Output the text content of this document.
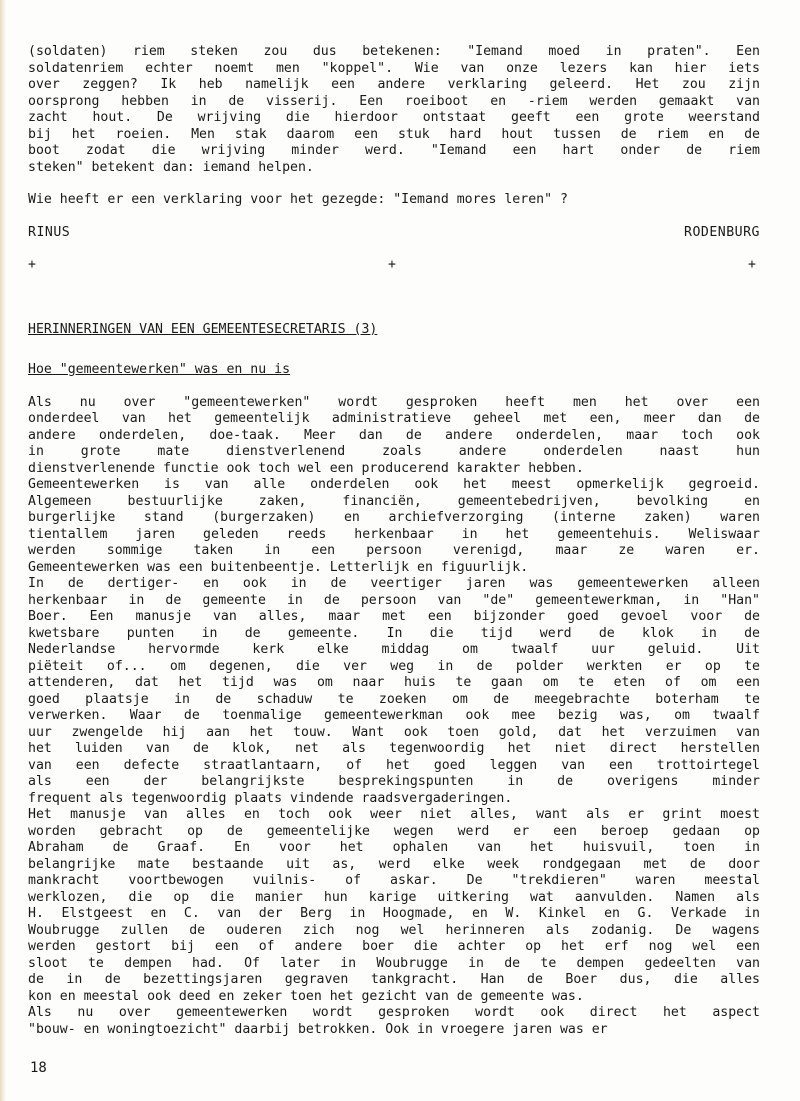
(soldaten) riem steken zou dus betekenen: "Iemand moed in praten". Een

soldatenriem echter noemt men "koppel". Wie van onze lezers kan hier iets

over zeggen? Ik heb namelijk een andere verklaring geleerd. Het zou zijn

oorsprong hebben in de visserij. Een roeiboot en -riem werden gemaakt van

zacht hout. De wrijving die hierdoor ontstaat geeft een grote weerstand

bij het roeien. Men stak daarom een stuk hard hout tussen de riem en de

boot zodat die wrijving minder werd. "Iemand een hart onder de riem

steken" betekent dan: iemand helpen.

Wie heeft er een verklaring voor het gezegde: "Iemand mores leren" ?

RINUS RODENBURG

+ + +

HERINNERINGEN VAN EEN GEMEENTESECRETARIS (3)

Hoe "gemeentewerken" was en nu is

Als nu over "gemeentewerken" wordt gesproken heeft men het over een

onderdeel van het gemeentelijk administratieve geheel met een, meer dan de

andere onderdelen, doe-taak. Meer dan de andere onderdelen, maar toch ook

in grote mate dienstverlenend zoals andere onderdelen naast hun

dienstverlenende functie ook toch wel een producerend karakter hebben.

Gemeentewerken is van alle onderdelen ook het meest opmerkelijk gegroeid.

Algemeen bestuurlijke zaken, financiën, gemeentebedrijven, bevolking en

burgerlijke stand (burgerzaken) en archiefverzorging (interne zaken) waren

tientallem jaren geleden reeds herkenbaar in het gemeentehuis. Weliswaar

werden sommige taken in een persoon verenigd, maar ze waren er.

Gemeentewerken was een buitenbeentje. Letterlijk en figuurlijk.

In de dertiger- en ook in de veertiger jaren was gemeentewerken alleen

herkenbaar in de gemeente in de persoon van "de" gemeentewerkman, in "Han"

Boer. Een manusje van alles, maar met een bijzonder goed gevoel voor de

kwetsbare punten in de gemeente. In die tijd werd de klok in de

Nederlandse hervormde kerk elke middag om twaalf uur geluid. Uit

piëteit of... om degenen, die ver weg in de polder werkten er op te

attenderen, dat het tijd was om naar huis te gaan om te eten of om een

goed plaatsje in de schaduw te zoeken om de meegebrachte boterham te

verwerken. Waar de toenmalige gemeentewerkman ook mee bezig was, om twaalf

uur zwengelde hij aan het touw. Want ook toen gold, dat het verzuimen van

het luiden van de klok, net als tegenwoordig het niet direct herstellen

van een defecte straatlantaarn, of het goed leggen van een trottoirtegel

als een der belangrijkste besprekingspunten in de overigens minder

frequent als tegenwoordig plaats vindende raadsvergaderingen.

Het manusje van alles en toch ook weer niet alles, want als er grint moest

worden gebracht op de gemeentelijke wegen werd er een beroep gedaan op

Abraham de Graaf. En voor het ophalen van het huisvuil, toen in

belangrijke mate bestaande uit as, werd elke week rondgegaan met de door

mankracht voortbewogen vuilnis- of askar. De "trekdieren" waren meestal

werklozen, die op die manier hun karige uitkering wat aanvulden. Namen als

H. Elstgeest en C. van der Berg in Hoogmade, en W. Kinkel en G. Verkade in

Woubrugge zullen de ouderen zich nog wel herinneren als zodanig. De wagens

werden gestort bij een of andere boer die achter op het erf nog wel een

sloot te dempen had. Of later in Woubrugge in de te dempen gedeelten van

de in de bezettingsjaren gegraven tankgracht. Han de Boer dus, die alles

kon en meestal ook deed en zeker toen het gezicht van de gemeente was.

Als nu over gemeentewerken wordt gesproken wordt ook direct het aspect

"bouw- en woningtoezicht" daarbij betrokken. Ook in vroegere jaren was er

18
